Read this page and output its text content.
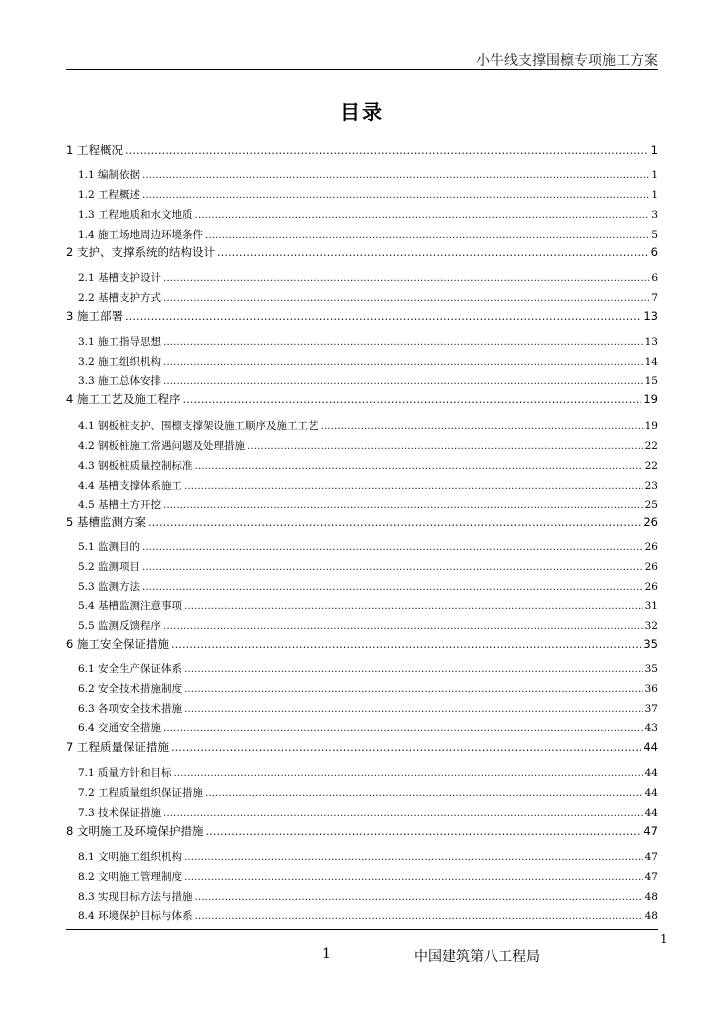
小牛线支撑围檩专项施工方案
目录
1 工程概况 .....	1
1.1 编制依据 .....	1
1.2 工程概述 .....	1
1.3 工程地质和水文地质 .....	3
1.4 施工场地周边环境条件 .....	5
2 支护、支撑系统的结构设计 .....	6
2.1 基槽支护设计 .....	6
2.2 基槽支护方式 .....	7
3 施工部署 .....	13
3.1 施工指导思想 .....	13
3.2 施工组织机构 .....	14
3.3 施工总体安排 .....	15
4 施工工艺及施工程序 .....	19
4.1 钢板桩支护、围檩支撑架设施工顺序及施工工艺 .....	19
4.2 钢板桩施工常遇问题及处理措施 .....	22
4.3 钢板桩质量控制标准 .....	22
4.4 基槽支撑体系施工 .....	23
4.5 基槽土方开挖 .....	25
5 基槽监测方案 .....	26
5.1 监测目的 .....	26
5.2 监测项目 .....	26
5.3 监测方法 .....	26
5.4 基槽监测注意事项 .....	31
5.5 监测反馈程序 .....	32
6 施工安全保证措施 .....	35
6.1 安全生产保证体系 .....	35
6.2 安全技术措施制度 .....	36
6.3 各项安全技术措施 .....	37
6.4 交通安全措施 .....	43
7 工程质量保证措施 .....	44
7.1 质量方针和目标 .....	44
7.2 工程质量组织保证措施 .....	44
7.3 技术保证措施 .....	44
8 文明施工及环境保护措施 .....	47
8.1 文明施工组织机构 .....	47
8.2 文明施工管理制度 .....	47
8.3 实现目标方法与措施 .....	48
8.4 环境保护目标与体系 .....	48
1
1	中国建筑第八工程局
